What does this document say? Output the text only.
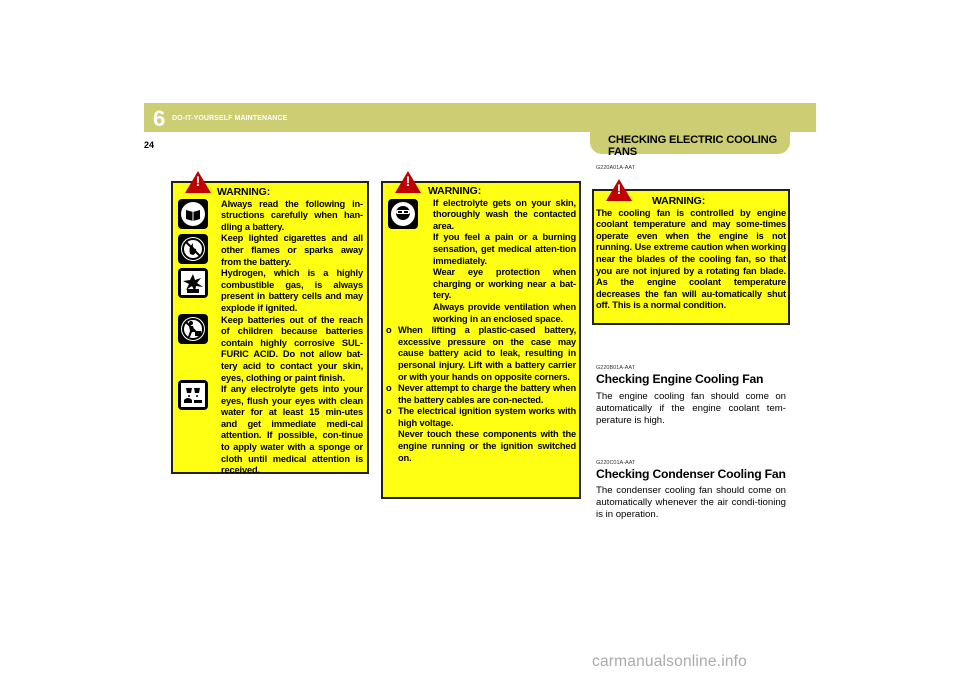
6 DO-IT-YOURSELF MAINTENANCE
24	CHECKING ELECTRIC COOLING FANS
!
WARNING:
Always read the following in-structions carefully when han-dling a battery.
Keep lighted cigarettes and all other flames or sparks away from the battery.
Hydrogen, which is a highly combustible gas, is always present in battery cells and may explode if ignited.
Keep batteries out of the reach of children because batteries contain highly corrosive SUL-FURIC ACID. Do not allow bat-tery acid to contact your skin, eyes, clothing or paint finish.
If any electrolyte gets into your eyes, flush your eyes with clean water for at least 15 min-utes and get immediate medi-cal attention. If possible, con-tinue to apply water with a sponge or cloth until medical attention is received.
!
WARNING:
If electrolyte gets on your skin, thoroughly wash the contacted area.
If you feel a pain or a burning sensation, get medical atten-tion immediately.
Wear eye protection when charging or working near a bat-tery.
Always provide ventilation when working in an enclosed space.
o When lifting a plastic-cased battery, excessive pressure on the case may cause battery acid to leak, resulting in personal injury. Lift with a battery carrier or with your hands on opposite corners.
o Never attempt to charge the battery when the battery cables are con-nected.
o The electrical ignition system works with high voltage.
Never touch these components with the engine running or the ignition switched on.
G220A01A-AAT
!
WARNING:
The cooling fan is controlled by engine coolant temperature and may some-times operate even when the engine is not running. Use extreme caution when working near the blades of the cooling fan, so that you are not injured by a rotating fan blade. As the engine coolant temperature decreases the fan will au-tomatically shut off. This is a normal condition.
G220B01A-AAT
Checking Engine Cooling Fan
The engine cooling fan should come on automatically if the engine coolant tem-perature is high.
G220C01A-AAT
Checking Condenser Cooling Fan
The condenser cooling fan should come on automatically whenever the air condi-tioning is in operation.
carmanualsonline.info
